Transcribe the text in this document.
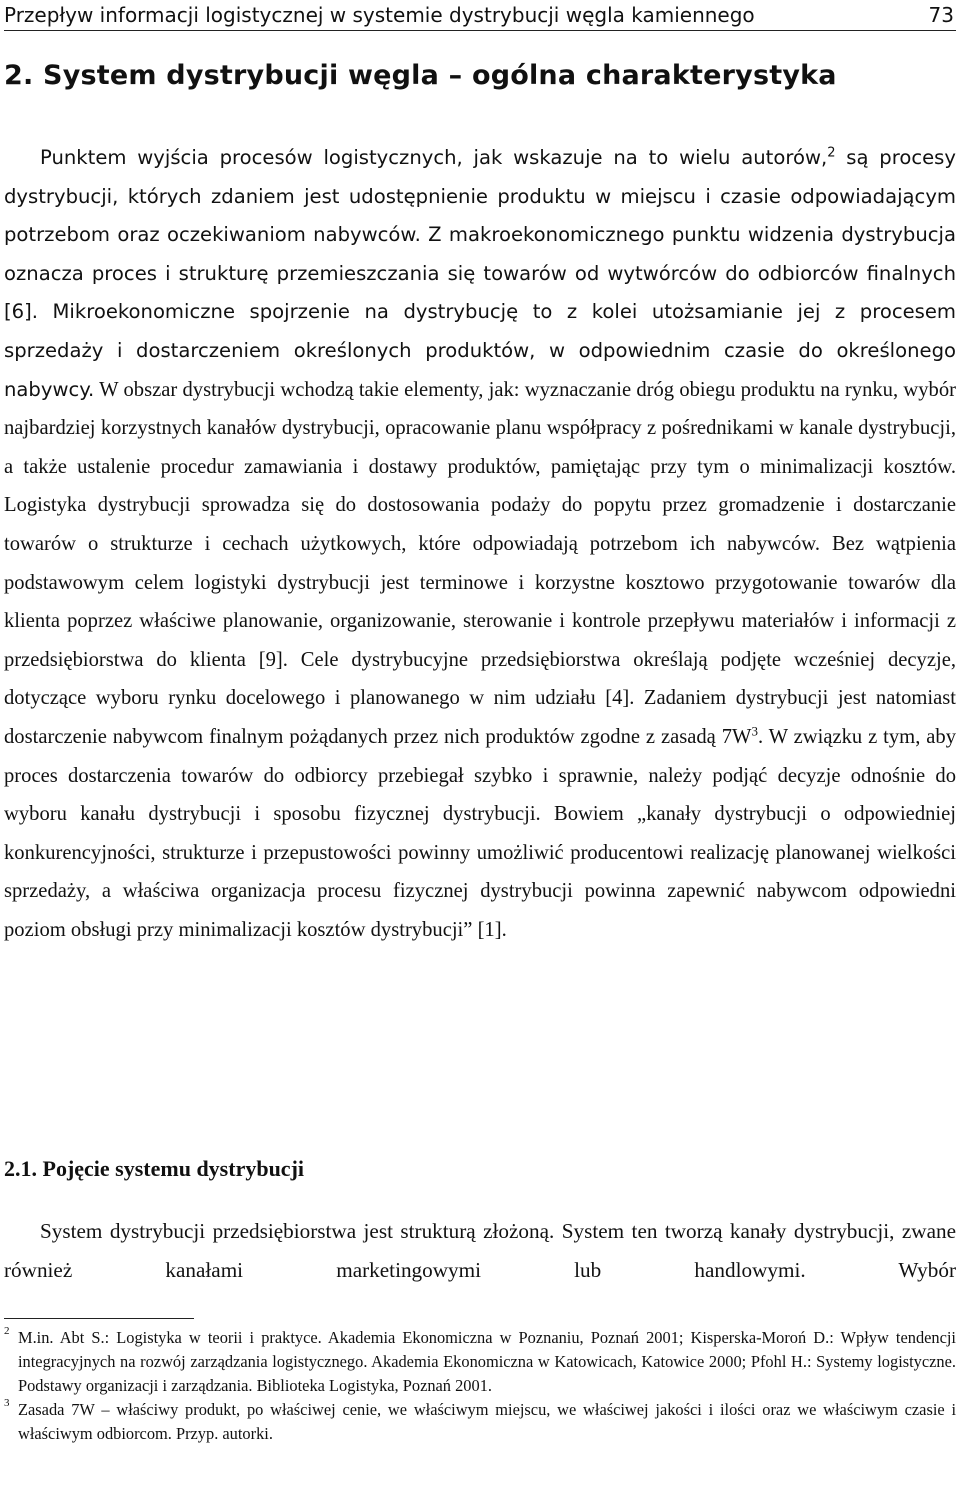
Przepływ informacji logistycznej w systemie dystrybucji węgla kamiennego	73
2. System dystrybucji węgla – ogólna charakterystyka
Punktem wyjścia procesów logistycznych, jak wskazuje na to wielu autorów,$^2$ są procesy dystrybucji, których zdaniem jest udostępnienie produktu w miejscu i czasie odpowiadającym potrzebom oraz oczekiwaniom nabywców. Z makroekonomicznego punktu widzenia dystrybucja oznacza proces i strukturę przemieszczania się towarów od wytwórców do odbiorców finalnych [6]. Mikroekonomiczne spojrzenie na dystrybucję to z kolei utożsamianie jej z procesem sprzedaży i dostarczeniem określonych produktów, w odpowiednim czasie do określonego nabywcy. W obszar dystrybucji wchodzą takie elementy, jak: wyznaczanie dróg obiegu produktu na rynku, wybór najbardziej korzystnych kanałów dystrybucji, opracowanie planu współpracy z pośrednikami w kanale dystrybucji, a także ustalenie procedur zamawiania i dostawy produktów, pamiętając przy tym o minimalizacji kosztów. Logistyka dystrybucji sprowadza się do dostosowania podaży do popytu przez gromadzenie i dostarczanie towarów o strukturze i cechach użytkowych, które odpowiadają potrzebom ich nabywców. Bez wątpienia podstawowym celem logistyki dystrybucji jest terminowe i korzystne kosztowo przygotowanie towarów dla klienta poprzez właściwe planowanie, organizowanie, sterowanie i kontrole przepływu materiałów i informacji z przedsiębiorstwa do klienta [9]. Cele dystrybucyjne przedsiębiorstwa określają podjęte wcześniej decyzje, dotyczące wyboru rynku docelowego i planowanego w nim udziału [4]. Zadaniem dystrybucji jest natomiast dostarczenie nabywcom finalnym pożądanych przez nich produktów zgodne z zasadą 7W$^3$. W związku z tym, aby proces dostarczenia towarów do odbiorcy przebiegał szybko i sprawnie, należy podjąć decyzje odnośnie do wyboru kanału dystrybucji i sposobu fizycznej dystrybucji. Bowiem „kanały dystrybucji o odpowiedniej konkurencyjności, strukturze i przepustowości powinny umożliwić producentowi realizację planowanej wielkości sprzedaży, a właściwa organizacja procesu fizycznej dystrybucji powinna zapewnić nabywcom odpowiedni poziom obsługi przy minimalizacji kosztów dystrybucji” [1].
2.1. Pojęcie systemu dystrybucji
System dystrybucji przedsiębiorstwa jest strukturą złożoną. System ten tworzą kanały dystrybucji, zwane również kanałami marketingowymi lub handlowymi. Wybór
2 M.in. Abt S.: Logistyka w teorii i praktyce. Akademia Ekonomiczna w Poznaniu, Poznań 2001; Kisperska-Moroń D.: Wpływ tendencji integracyjnych na rozwój zarządzania logistycznego. Akademia Ekonomiczna w Katowicach, Katowice 2000; Pfohl H.: Systemy logistyczne. Podstawy organizacji i zarządzania. Biblioteka Logistyka, Poznań 2001.
3 Zasada 7W – właściwy produkt, po właściwej cenie, we właściwym miejscu, we właściwej jakości i ilości oraz we właściwym czasie i właściwym odbiorcom. Przyp. autorki.
